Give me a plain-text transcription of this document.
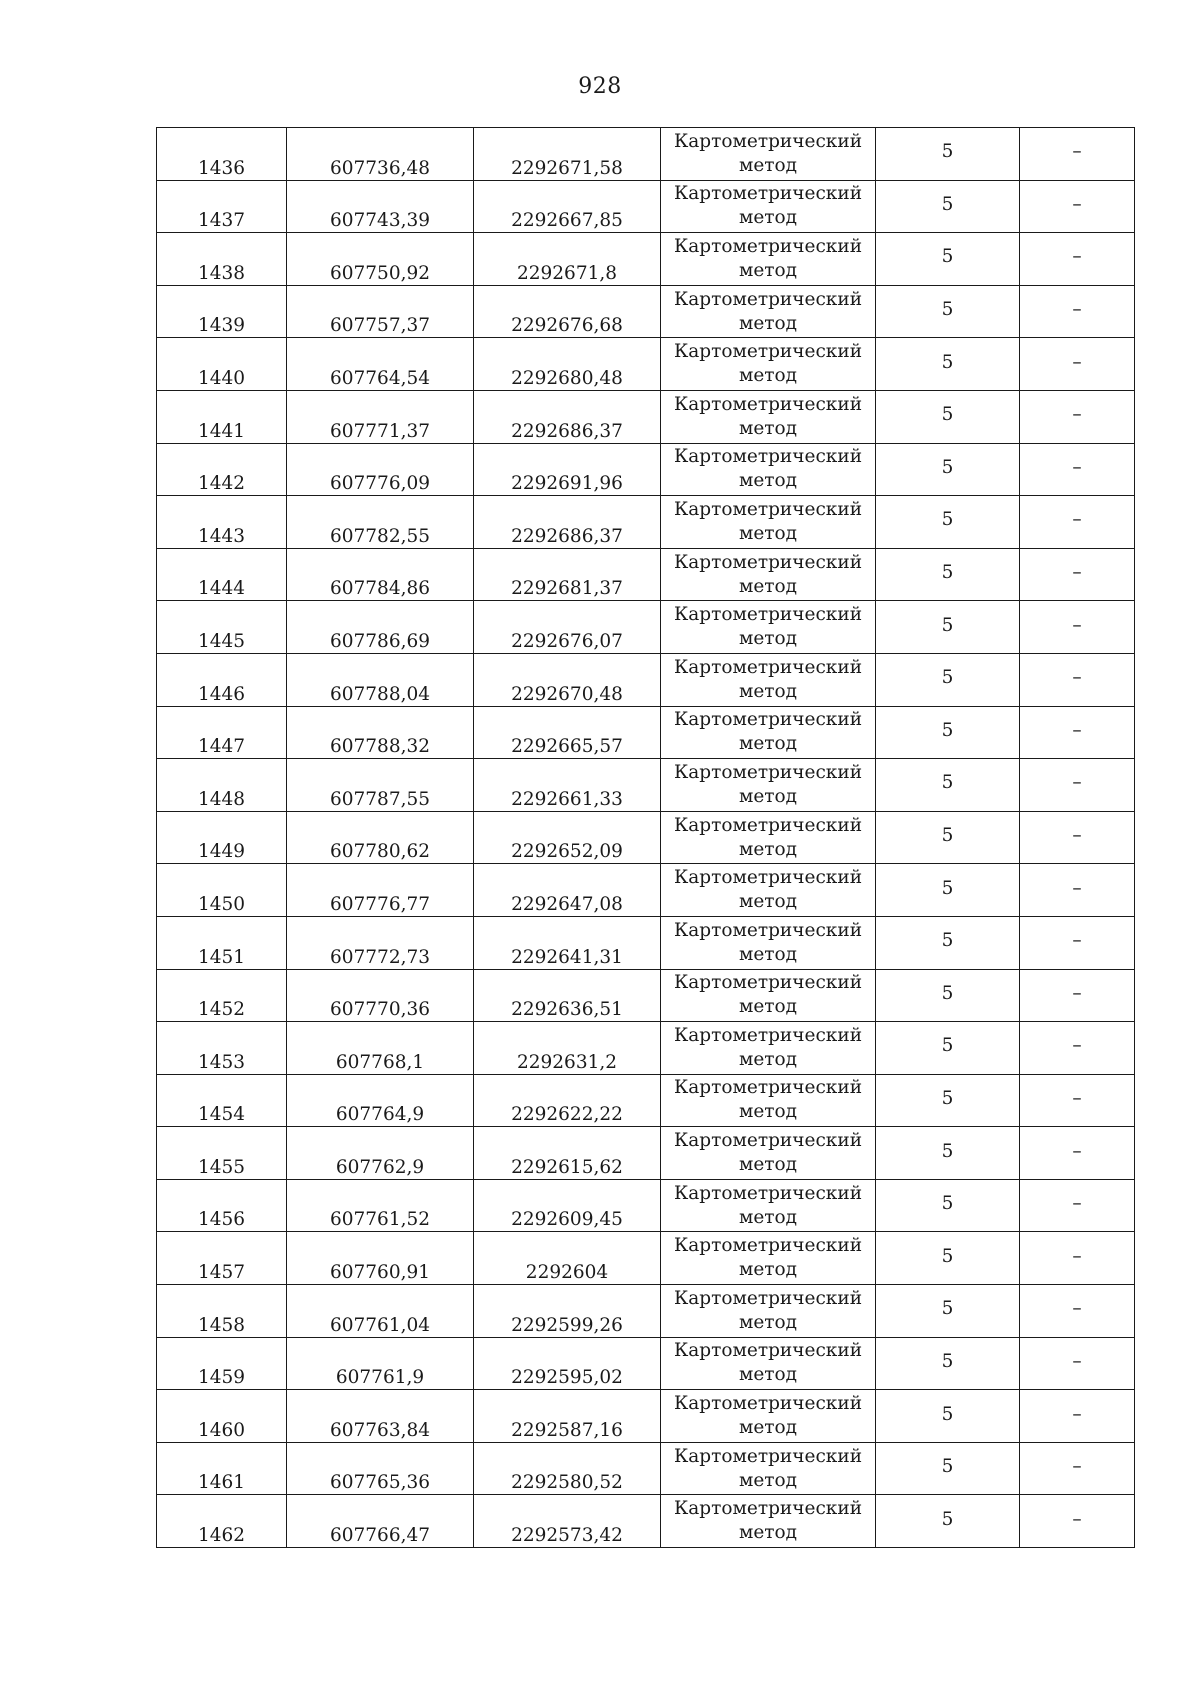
928
1436	607736,48	2292671,58	Картометрический
метод	5	–
1437	607743,39	2292667,85	Картометрический
метод	5	–
1438	607750,92	2292671,8	Картометрический
метод	5	–
1439	607757,37	2292676,68	Картометрический
метод	5	–
1440	607764,54	2292680,48	Картометрический
метод	5	–
1441	607771,37	2292686,37	Картометрический
метод	5	–
1442	607776,09	2292691,96	Картометрический
метод	5	–
1443	607782,55	2292686,37	Картометрический
метод	5	–
1444	607784,86	2292681,37	Картометрический
метод	5	–
1445	607786,69	2292676,07	Картометрический
метод	5	–
1446	607788,04	2292670,48	Картометрический
метод	5	–
1447	607788,32	2292665,57	Картометрический
метод	5	–
1448	607787,55	2292661,33	Картометрический
метод	5	–
1449	607780,62	2292652,09	Картометрический
метод	5	–
1450	607776,77	2292647,08	Картометрический
метод	5	–
1451	607772,73	2292641,31	Картометрический
метод	5	–
1452	607770,36	2292636,51	Картометрический
метод	5	–
1453	607768,1	2292631,2	Картометрический
метод	5	–
1454	607764,9	2292622,22	Картометрический
метод	5	–
1455	607762,9	2292615,62	Картометрический
метод	5	–
1456	607761,52	2292609,45	Картометрический
метод	5	–
1457	607760,91	2292604	Картометрический
метод	5	–
1458	607761,04	2292599,26	Картометрический
метод	5	–
1459	607761,9	2292595,02	Картометрический
метод	5	–
1460	607763,84	2292587,16	Картометрический
метод	5	–
1461	607765,36	2292580,52	Картометрический
метод	5	–
1462	607766,47	2292573,42	Картометрический
метод	5	–
